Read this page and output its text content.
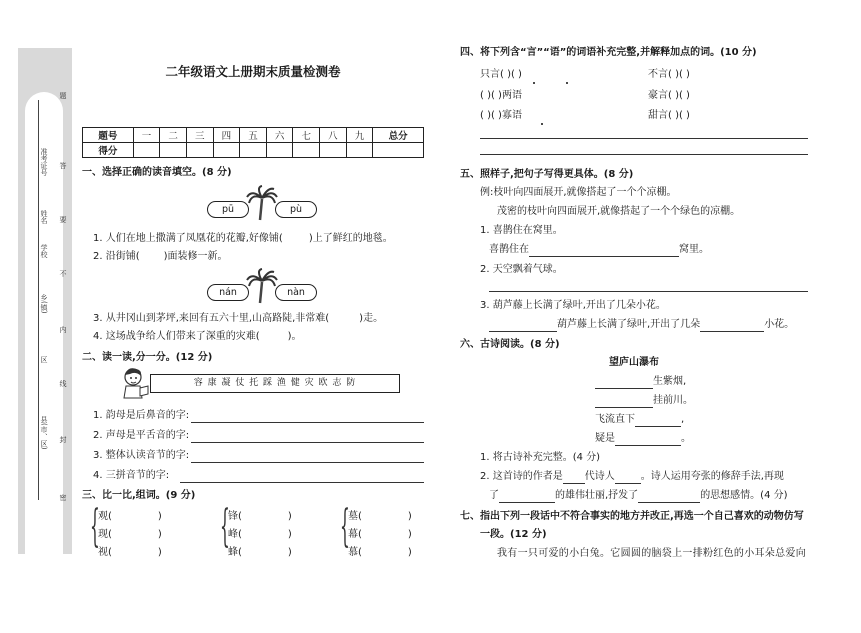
题
答
要
不
内
线
封
密
准考证号
姓名
学校
乡(镇)
区
县(市、区)
二年级语文上册期末质量检测卷
题号	一	二	三	四	五	六	七	八	九	总分
得分										
一、选择正确的读音填空。(8 分)
pū	pù
1. 人们在地上撒满了凤凰花的花瓣,好像铺(	)上了鲜红的地毯。
2. 沿街铺( )面装修一新。
nán	nàn
3. 从井冈山到茅坪,来回有五六十里,山高路陡,非常难(	)走。
4. 这场战争给人们带来了深重的灾难(	)。
二、读一读,分一分。(12 分)
容 康 凝 仗 托 踩 渔 健 灾 欧 志 防
1. 韵母是后鼻音的字:
2. 声母是平舌音的字:
3. 整体认读音节的字:
4. 三拼音节的字:
三、比一比,组词。(9 分)
{
观(	)
现(	)
视(	)
{
锋(	)
峰(	)
蜂(	)
{
墓(	)
幕(	)
慕(	)
四、将下列含“言”“语”的词语补充完整,并解释加点的词。(10 分)
只言( )( )	不言( )( )
( )( )两语	豪言( )( )
( )( )寡语	甜言( )( )
五、照样子,把句子写得更具体。(8 分)
例:枝叶向四面展开,就像搭起了一个个凉棚。
茂密的枝叶向四面展开,就像搭起了一个个绿色的凉棚。
1. 喜鹊住在窝里。
喜鹊住在	窝里。
2. 天空飘着气球。
3. 葫芦藤上长满了绿叶,开出了几朵小花。
葫芦藤上长满了绿叶,开出了几朵	小花。
六、古诗阅读。(8 分)
望庐山瀑布
生紫烟,
挂前川。
飞流直下	,
疑是	。
1. 将古诗补充完整。(4 分)
2. 这首诗的作者是 代诗人	。诗人运用夸张的修辞手法,再现
了	的雄伟壮丽,抒发了	的思想感情。(4 分)
七、指出下列一段话中不符合事实的地方并改正,再选一个自己喜欢的动物仿写
一段。(12 分)
我有一只可爱的小白兔。它圆圆的脑袋上一排粉红色的小耳朵总爱向
